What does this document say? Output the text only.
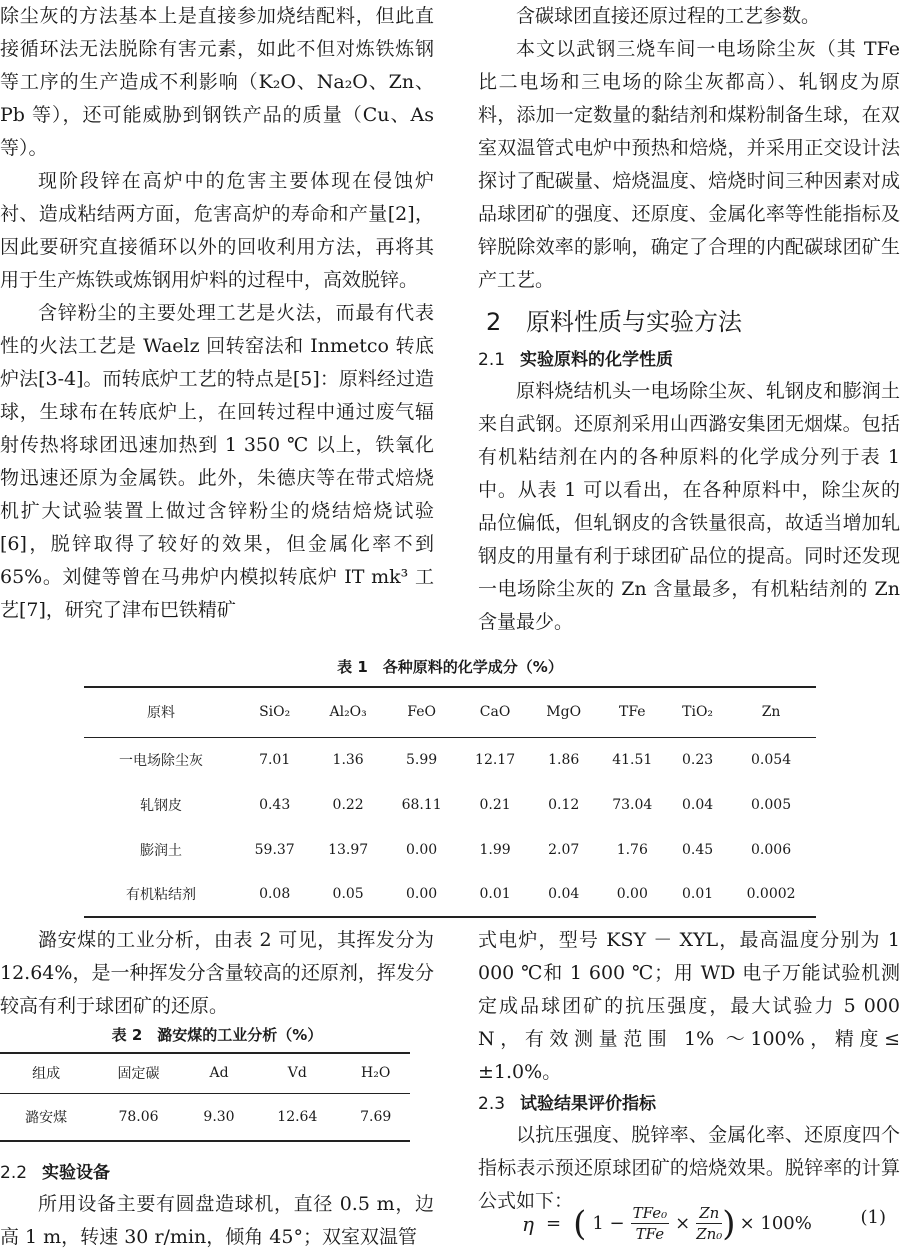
除尘灰的方法基本上是直接参加烧结配料，但此直接循环法无法脱除有害元素，如此不但对炼铁炼钢等工序的生产造成不利影响（K₂O、Na₂O、Zn、Pb 等），还可能威胁到钢铁产品的质量（Cu、As 等）。

现阶段锌在高炉中的危害主要体现在侵蚀炉衬、造成粘结两方面，危害高炉的寿命和产量[2]，因此要研究直接循环以外的回收利用方法，再将其用于生产炼铁或炼钢用炉料的过程中，高效脱锌。

含锌粉尘的主要处理工艺是火法，而最有代表性的火法工艺是 Waelz 回转窑法和 Inmetco 转底炉法[3-4]。而转底炉工艺的特点是[5]：原料经过造球，生球布在转底炉上，在回转过程中通过废气辐射传热将球团迅速加热到 1 350 ℃ 以上，铁氧化物迅速还原为金属铁。此外，朱德庆等在带式焙烧机扩大试验装置上做过含锌粉尘的烧结焙烧试验[6]，脱锌取得了较好的效果，但金属化率不到65%。刘健等曾在马弗炉内模拟转底炉 IT mk³ 工艺[7]，研究了津布巴铁精矿

含碳球团直接还原过程的工艺参数。

本文以武钢三烧车间一电场除尘灰（其 TFe 比二电场和三电场的除尘灰都高）、轧钢皮为原料，添加一定数量的黏结剂和煤粉制备生球，在双室双温管式电炉中预热和焙烧，并采用正交设计法探讨了配碳量、焙烧温度、焙烧时间三种因素对成品球团矿的强度、还原度、金属化率等性能指标及锌脱除效率的影响，确定了合理的内配碳球团矿生产工艺。

2 原料性质与实验方法
2.1 实验原料的化学性质

原料烧结机头一电场除尘灰、轧钢皮和膨润土来自武钢。还原剂采用山西潞安集团无烟煤。包括有机粘结剂在内的各种原料的化学成分列于表 1 中。从表 1 可以看出，在各种原料中，除尘灰的品位偏低，但轧钢皮的含铁量很高，故适当增加轧钢皮的用量有利于球团矿品位的提高。同时还发现一电场除尘灰的 Zn 含量最多，有机粘结剂的 Zn 含量最少。

表 1　各种原料的化学成分（%）
原料	SiO₂	Al₂O₃	FeO	CaO	MgO	TFe	TiO₂	Zn
一电场除尘灰	7.01	1.36	5.99	12.17	1.86	41.51	0.23	0.054
轧钢皮	0.43	0.22	68.11	0.21	0.12	73.04	0.04	0.005
膨润土	59.37	13.97	0.00	1.99	2.07	1.76	0.45	0.006
有机粘结剂	0.08	0.05	0.00	0.01	0.04	0.00	0.01	0.0002

潞安煤的工业分析，由表 2 可见，其挥发分为 12.64%，是一种挥发分含量较高的还原剂，挥发分较高有利于球团矿的还原。

表 2　潞安煤的工业分析（%）
组成	固定碳	Ad	Vd	H₂O
潞安煤	78.06	9.30	12.64	7.69
2.2 实验设备

所用设备主要有圆盘造球机，直径 0.5 m，边高 1 m，转速 30 r/min，倾角 45°；双室双温管

式电炉，型号 KSY － XYL，最高温度分别为 1 000 ℃和 1 600 ℃；用 WD 电子万能试验机测定成品球团矿的抗压强度，最大试验力 5 000 N，有效测量范围 1% ～100%，精度≤ ±1.0%。

2.3 试验结果评价指标

以抗压强度、脱锌率、金属化率、还原度四个指标表示预还原球团矿的焙烧效果。脱锌率的计算公式如下：

η = ( $1 - \frac{\text{TFe₀}}{\text{TFe}} \times \frac{Zn}{\text{Zn₀}}$ ) × 100%	(1)
